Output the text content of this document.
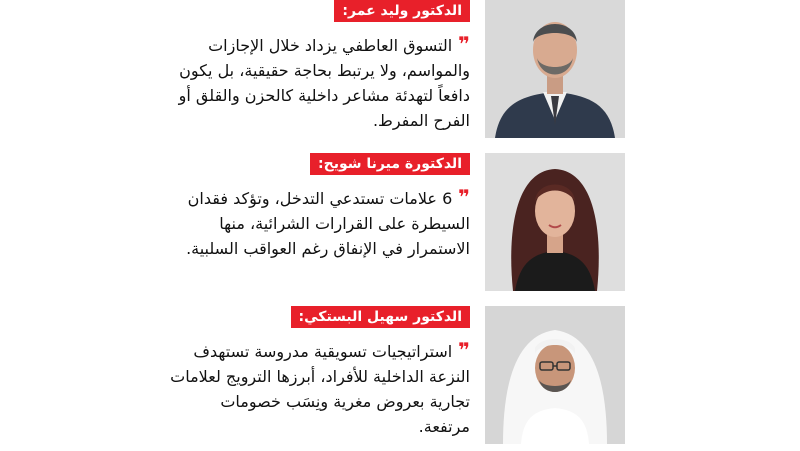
الدكتور وليد عمر:
❞التسوق العاطفي يزداد خلال الإجازات والمواسم، ولا يرتبط بحاجة حقيقية، بل يكون دافعاً لتهدئة مشاعر داخلية كالحزن والقلق أو الفرح المفرط.
الدكتورة ميرنا شويح:
❞6 علامات تستدعي التدخل، وتؤكد فقدان السيطرة على القرارات الشرائية، منها الاستمرار في الإنفاق رغم العواقب السلبية.
الدكتور سهيل البستكي:
❞استراتيجيات تسويقية مدروسة تستهدف النزعة الداخلية للأفراد، أبرزها الترويج لعلامات تجارية بعروض مغرية ونِسَب خصومات مرتفعة.
